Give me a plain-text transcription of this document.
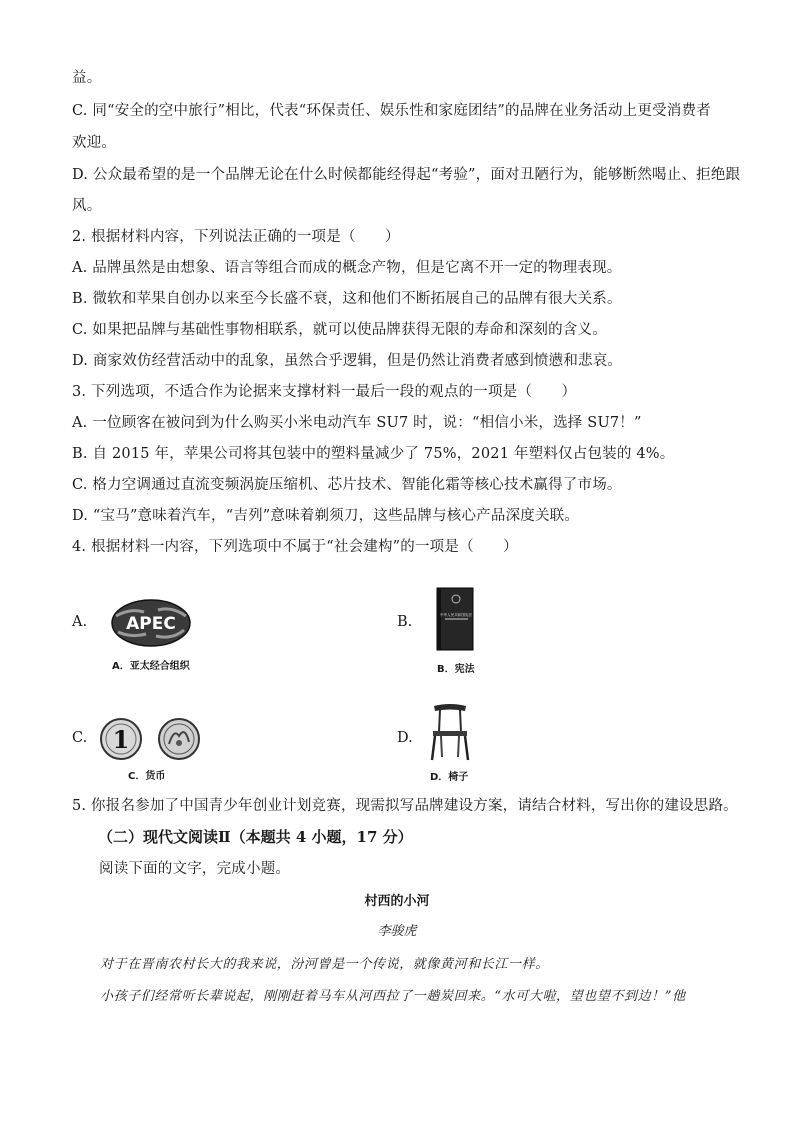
益。
C. 同“安全的空中旅行”相比，代表“环保责任、娱乐性和家庭团结”的品牌在业务活动上更受消费者
欢迎。
D. 公众最希望的是一个品牌无论在什么时候都能经得起“考验”，面对丑陋行为，能够断然喝止、拒绝跟
风。
2. 根据材料内容，下列说法正确的一项是（　　）
A. 品牌虽然是由想象、语言等组合而成的概念产物，但是它离不开一定的物理表现。
B. 微软和苹果自创办以来至今长盛不衰，这和他们不断拓展自己的品牌有很大关系。
C. 如果把品牌与基础性事物相联系，就可以使品牌获得无限的寿命和深刻的含义。
D. 商家效仿经营活动中的乱象，虽然合乎逻辑，但是仍然让消费者感到愤懑和悲哀。
3. 下列选项，不适合作为论据来支撑材料一最后一段的观点的一项是（　　）
A. 一位顾客在被问到为什么购买小米电动汽车 SU7 时，说：“相信小米，选择 SU7！”
B. 自 2015 年，苹果公司将其包装中的塑料量减少了 75%，2021 年塑料仅占包装的 4%。
C. 格力空调通过直流变频涡旋压缩机、芯片技术、智能化霜等核心技术赢得了市场。
D. “宝马”意味着汽车，“吉列”意味着剃须刀，这些品牌与核心产品深度关联。
4. 根据材料一内容，下列选项中不属于“社会建构”的一项是（　　）
A. APEC
A．亚太经合组织
B.	中华人民共和国宪法
B．宪法
C. 1
C．货币
D.
D．椅子
5. 你报名参加了中国青少年创业计划竞赛，现需拟写品牌建设方案，请结合材料，写出你的建设思路。
（二）现代文阅读Ⅱ（本题共 4 小题，17 分）
阅读下面的文字，完成小题。
村西的小河
李骏虎
对于在晋南农村长大的我来说，汾河曾是一个传说，就像黄河和长江一样。
小孩子们经常听长辈说起，刚刚赶着马车从河西拉了一趟炭回来。“水可大啦，望也望不到边！”他
